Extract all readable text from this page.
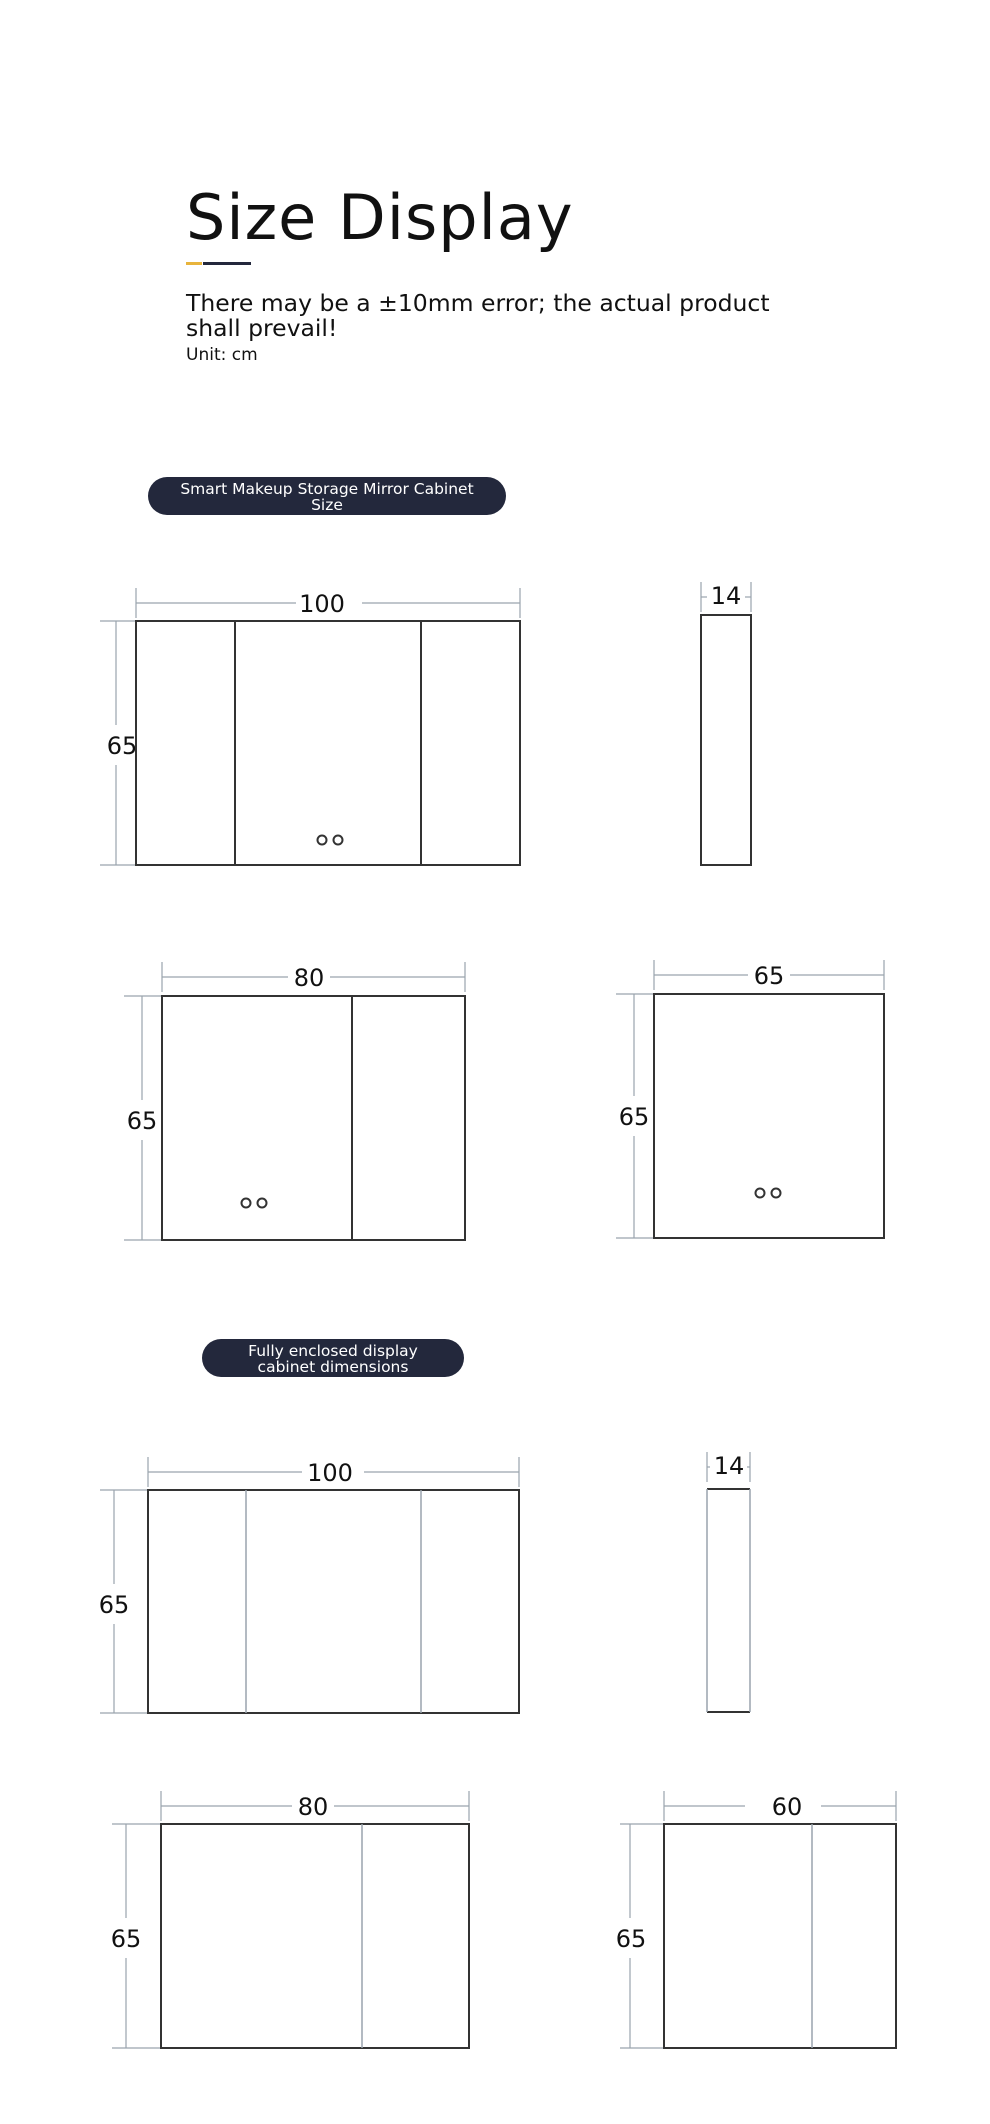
Size Display

There may be a ±10mm error; the actual product shall prevail!

Unit: cm

Smart Makeup Storage Mirror Cabinet Size
Fully enclosed display cabinet dimensions
100
65
14
80
65
65
65
100
65
14
80
65
60
65
